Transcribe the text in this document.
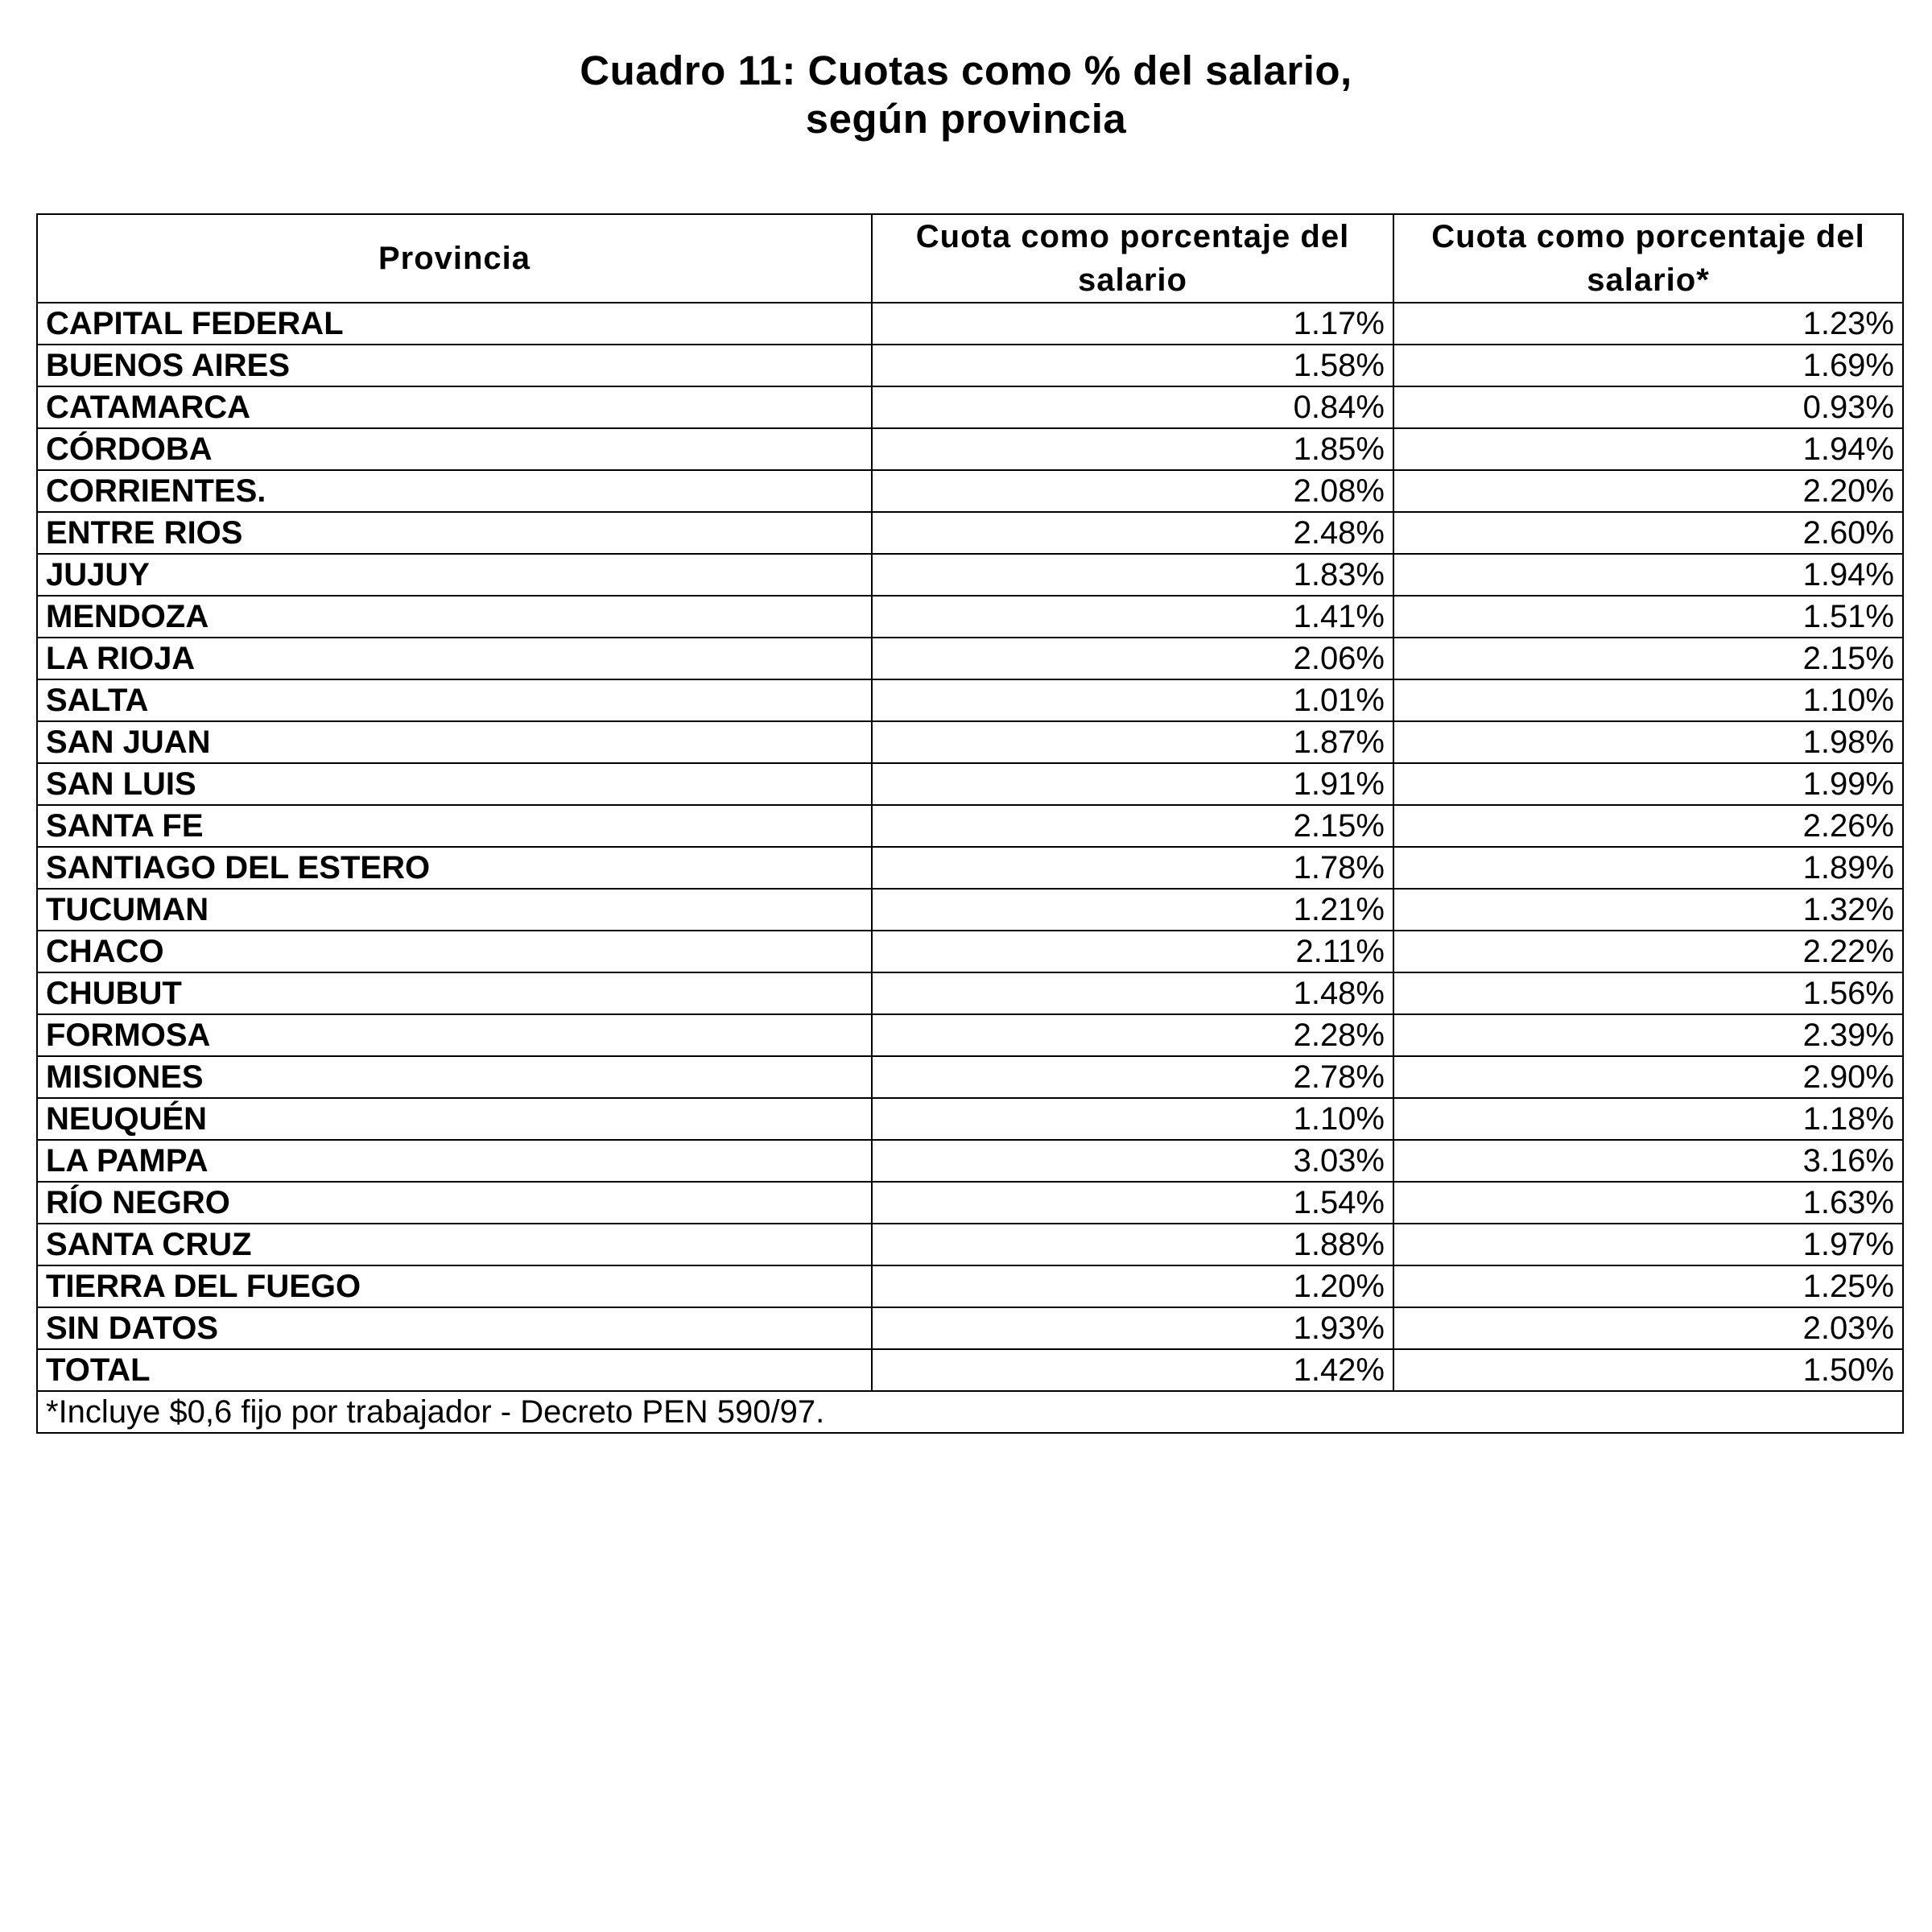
Cuadro 11: Cuotas como % del salario,
según provincia
Provincia	Cuota como porcentaje del salario	Cuota como porcentaje del salario*
CAPITAL FEDERAL	1.17%	1.23%
BUENOS AIRES	1.58%	1.69%
CATAMARCA	0.84%	0.93%
CÓRDOBA	1.85%	1.94%
CORRIENTES.	2.08%	2.20%
ENTRE RIOS	2.48%	2.60%
JUJUY	1.83%	1.94%
MENDOZA	1.41%	1.51%
LA RIOJA	2.06%	2.15%
SALTA	1.01%	1.10%
SAN JUAN	1.87%	1.98%
SAN LUIS	1.91%	1.99%
SANTA FE	2.15%	2.26%
SANTIAGO DEL ESTERO	1.78%	1.89%
TUCUMAN	1.21%	1.32%
CHACO	2.11%	2.22%
CHUBUT	1.48%	1.56%
FORMOSA	2.28%	2.39%
MISIONES	2.78%	2.90%
NEUQUÉN	1.10%	1.18%
LA PAMPA	3.03%	3.16%
RÍO NEGRO	1.54%	1.63%
SANTA CRUZ	1.88%	1.97%
TIERRA DEL FUEGO	1.20%	1.25%
SIN DATOS	1.93%	2.03%
TOTAL	1.42%	1.50%
*Incluye $0,6 fijo por trabajador - Decreto PEN 590/97.		
